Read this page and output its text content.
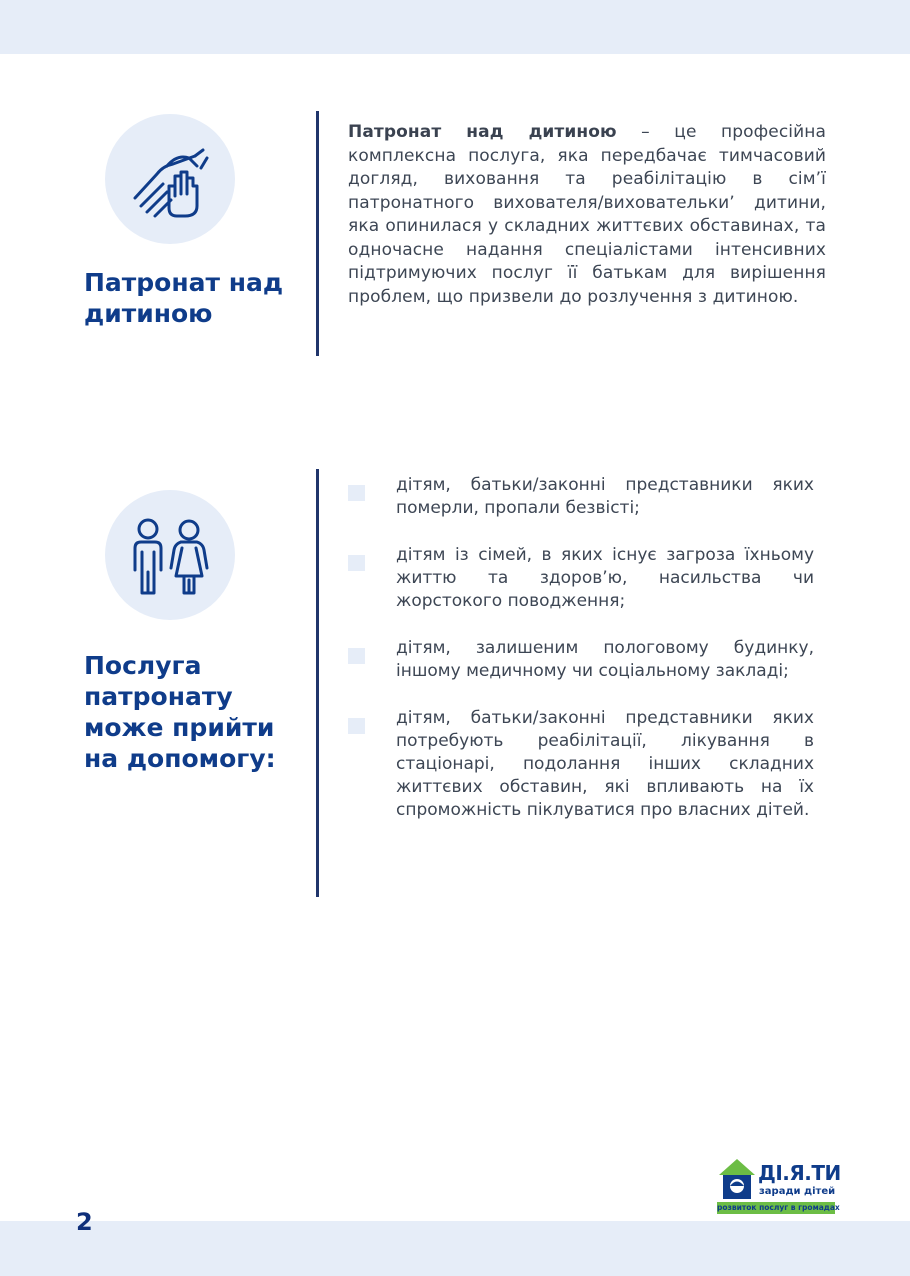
Патронат над
дитиною

Патронат над дитиною – це професійна комплексна послуга, яка передбачає тимчасовий догляд, виховання та реабілітацію в сім’ї патронатного вихователя/вихователькиʼ дитини, яка опинилася у складних життєвих обставинах, та одночасне надання спеціалістами інтенсивних підтримуючих послуг її батькам для вирішення проблем, що призвели до розлучення з дитиною.

Послуга
патронату
може прийти
на допомогу:
дітям, батьки/законні представники яких померли, пропали безвісті;
дітям із сімей, в яких існує загроза їхньому життю та здоров’ю, насильства чи жорстокого поводження;
дітям, залишеним пологовому будинку, іншому медичному чи соціальному закладі;
дітям, батьки/законні представники яких потребують реабілітації, лікування в стаціонарі, подолання інших складних життєвих обставин, які впливають на їх спроможність піклуватися про власних дітей.
2
ДІ.Я.ТИ
заради дітей
розвиток послуг в громадах
